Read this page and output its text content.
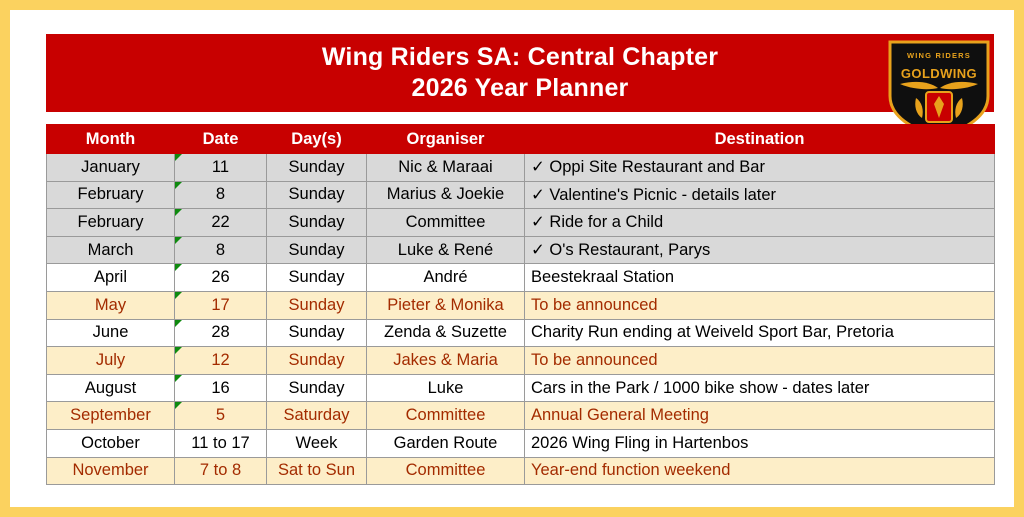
Wing Riders SA: Central Chapter
2026 Year Planner
WING RIDERS
GOLDWING
Month	Date	Day(s)	Organiser	Destination
January	11	Sunday	Nic & Maraai	✓ Oppi Site Restaurant and Bar
February	8	Sunday	Marius & Joekie	✓ Valentine's Picnic - details later
February	22	Sunday	Committee	✓ Ride for a Child
March	8	Sunday	Luke & René	✓ O's Restaurant, Parys
April	26	Sunday	André	Beestekraal Station
May	17	Sunday	Pieter & Monika	To be announced
June	28	Sunday	Zenda & Suzette	Charity Run ending at Weiveld Sport Bar, Pretoria
July	12	Sunday	Jakes & Maria	To be announced
August	16	Sunday	Luke	Cars in the Park / 1000 bike show - dates later
September	5	Saturday	Committee	Annual General Meeting
October	11 to 17	Week	Garden Route	2026 Wing Fling in Hartenbos
November	7 to 8	Sat to Sun	Committee	Year-end function weekend
